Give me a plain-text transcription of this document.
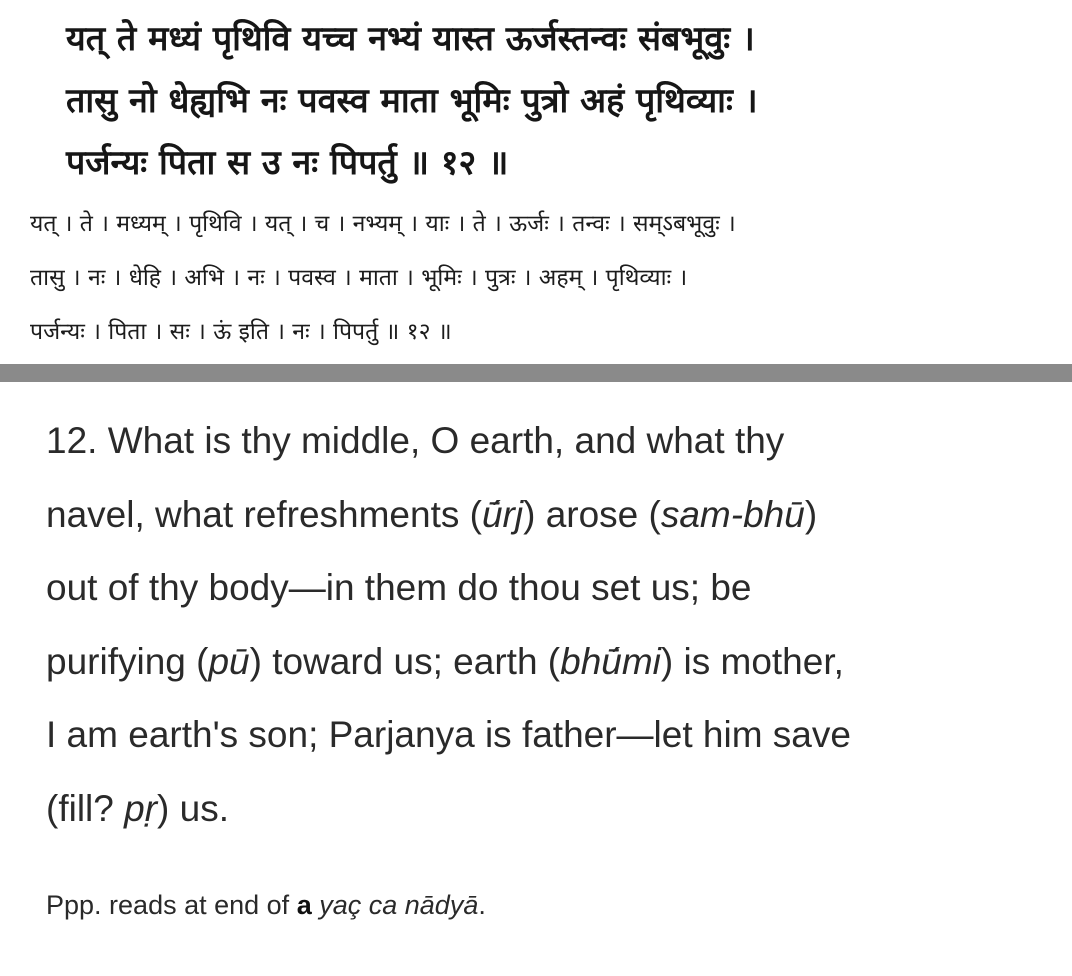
यत् ते मध्यं पृथिवि यच्च नभ्यं यास्त ऊर्जस्तन्वः संबभूवुः ।
तासु नो धेह्यभि नः पवस्व माता भूमिः पुत्रो अहं पृथिव्याः ।
पर्जन्यः पिता स उ नः पिपर्तु ॥ १२ ॥
यत् । ते । मध्यम् । पृथिवि । यत् । च । नभ्यम् । याः । ते । ऊर्जः । तन्वः । सम्ऽबभूवुः ।
तासु । नः । धेहि । अभि । नः । पवस्व । माता । भूमिः । पुत्रः । अहम् । पृथिव्याः ।
पर्जन्यः । पिता । सः । ऊं इति । नः । पिपर्तु ॥ १२ ॥
12. What is thy middle, O earth, and what thy
navel, what refreshments (ū́rj) arose (sam-bhū)
out of thy body—in them do thou set us; be
purifying (pū) toward us; earth (bhū́mi) is mother,
I am earth's son; Parjanya is father—let him save
(fill? pṛ) us.

Ppp. reads at end of a yaç ca nādyā.
